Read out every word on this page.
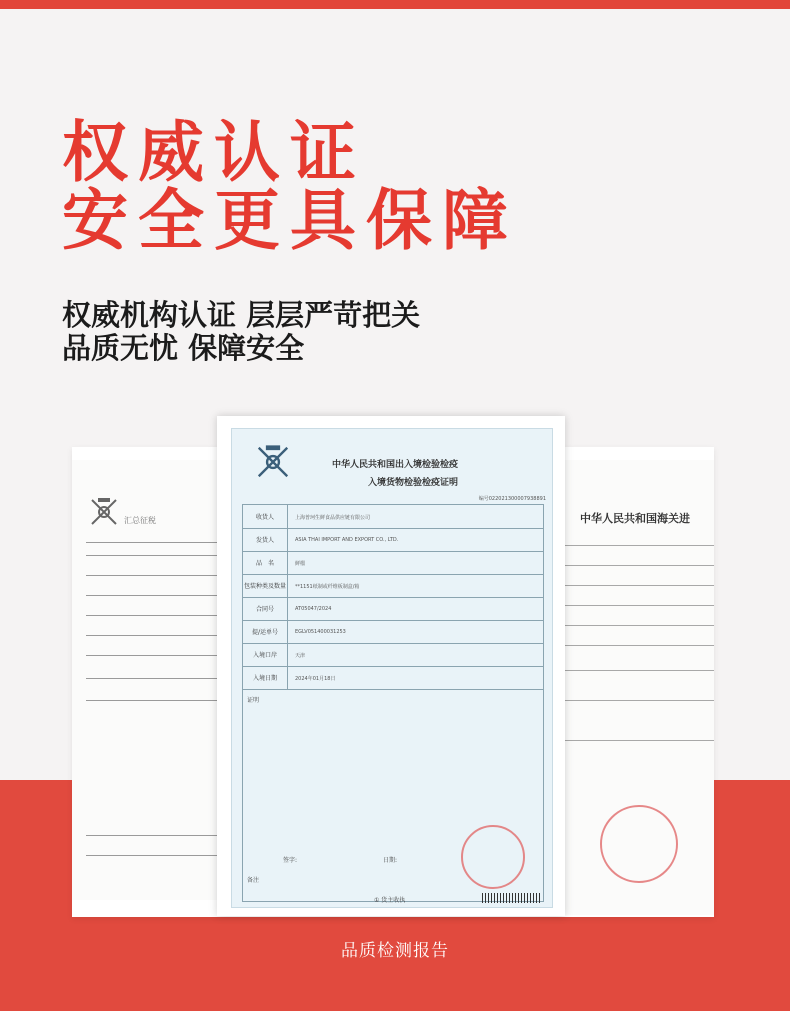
权威认证
安全更具保障
权威机构认证 层层严苛把关
品质无忧 保障安全
汇总征税	中华人民共和国海关进
中华人民共和国出入境检验检疫
入境货物检验检疫证明
编号022021300007938891
收货人	上海普珂生鲜食品供应链有限公司
发货人	ASIA THAI IMPORT AND EXPORT CO., LTD.
品　名	鲜榴
包装种类及数量	**1151纸制或纤维板制盒/箱
合同号	AT05047/2024
提/运单号	EGLV051400031253
入境口岸	天津
入境日期	2024年01月18日
证明
签字:	日期:
备注
① 货主收执
品质检测报告
